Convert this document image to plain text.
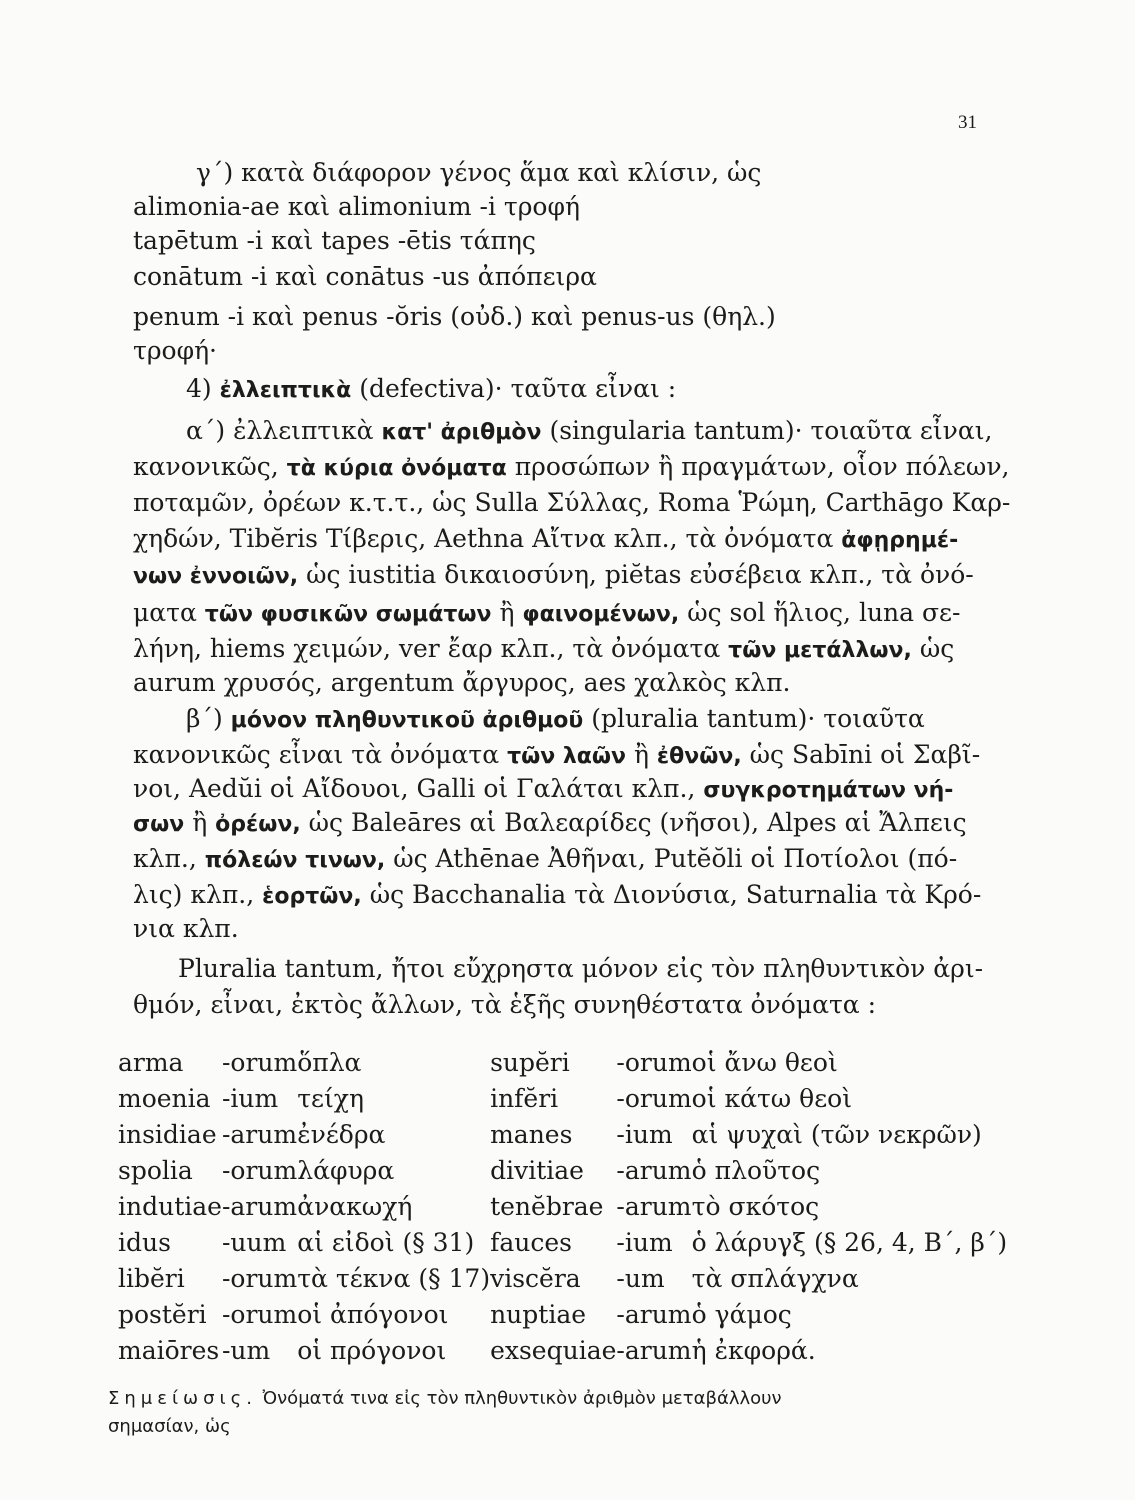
31
γ΄) κατὰ διάφορον γένος ἅμα καὶ κλίσιν, ὡς
alimonia-ae καὶ alimonium -i τροφή
tapētum -i καὶ tapes -ētis τάπης
conātum -i καὶ conātus -us ἀπόπειρα
penum -i καὶ penus -ŏris (οὐδ.) καὶ penus-us (θηλ.)
τροφή·
4) ἐλλειπτικὰ (defectiva)· ταῦτα εἶναι :
α΄) ἐλλειπτικὰ κατ' ἀριθμὸν (singularia tantum)· τοιαῦτα εἶναι,
κανονικῶς, τὰ κύρια ὀνόματα προσώπων ἢ πραγμάτων, οἷον πόλεων,
ποταμῶν, ὀρέων κ.τ.τ., ὡς Sulla Σύλλας, Roma Ῥώμη, Carthāgo Καρ-
χηδών, Tibĕris Τίβερις, Aethna Αἴτνα κλπ., τὰ ὀνόματα ἀφῃρημέ-
νων ἐννοιῶν, ὡς iustitia δικαιοσύνη, piĕtas εὐσέβεια κλπ., τὰ ὀνό-
ματα τῶν φυσικῶν σωμάτων ἢ φαινομένων, ὡς sol ἥλιος, luna σε-
λήνη, hiems χειμών, ver ἔαρ κλπ., τὰ ὀνόματα τῶν μετάλλων, ὡς
aurum χρυσός, argentum ἄργυρος, aes χαλκὸς κλπ.
β΄) μόνον πληθυντικοῦ ἀριθμοῦ (pluralia tantum)· τοιαῦτα
κανονικῶς εἶναι τὰ ὀνόματα τῶν λαῶν ἢ ἐθνῶν, ὡς Sabīni οἱ Σαβῖ-
νοι, Aedŭi οἱ Αἴδουοι, Galli οἱ Γαλάται κλπ., συγκροτημάτων νή-
σων ἢ ὀρέων, ὡς Baleāres αἱ Βαλεαρίδες (νῆσοι), Alpes αἱ Ἄλπεις
κλπ., πόλεών τινων, ὡς Athēnae Ἀθῆναι, Putĕŏli οἱ Ποτίολοι (πό-
λις) κλπ., ἑορτῶν, ὡς Bacchanalia τὰ Διονύσια, Saturnalia τὰ Κρό-
νια κλπ.
Pluralia tantum, ἤτοι εὔχρηστα μόνον εἰς τὸν πληθυντικὸν ἀρι-
θμόν, εἶναι, ἐκτὸς ἄλλων, τὰ ἑξῆς συνηθέστατα ὀνόματα :
arma	-orum	ὅπλα	supĕri	-orum	οἱ ἄνω θεοὶ
moenia	-ium	τείχη	infĕri	-orum	οἱ κάτω θεοὶ
insidiae	-arum	ἐνέδρα	manes	-ium	αἱ ψυχαὶ (τῶν νεκρῶν)
spolia	-orum	λάφυρα	divitiae	-arum	ὁ πλοῦτος
indutiae	-arum	ἀνακωχή	tenĕbrae	-arum	τὸ σκότος
idus	-uum	αἱ εἰδοὶ (§ 31)	fauces	-ium	ὁ λάρυγξ (§ 26, 4, Β΄, β΄)
libĕri	-orum	τὰ τέκνα (§ 17)	viscĕra	-um	τὰ σπλάγχνα
postĕri	-orum	οἱ ἀπόγονοι	nuptiae	-arum	ὁ γάμος
maiōres	-um	οἱ πρόγονοι	exsequiae	-arum	ἡ ἐκφορά.
Σημείωσις. Ὀνόματά τινα εἰς τὸν πληθυντικὸν ἀριθμὸν μεταβάλλουν
σημασίαν, ὡς
